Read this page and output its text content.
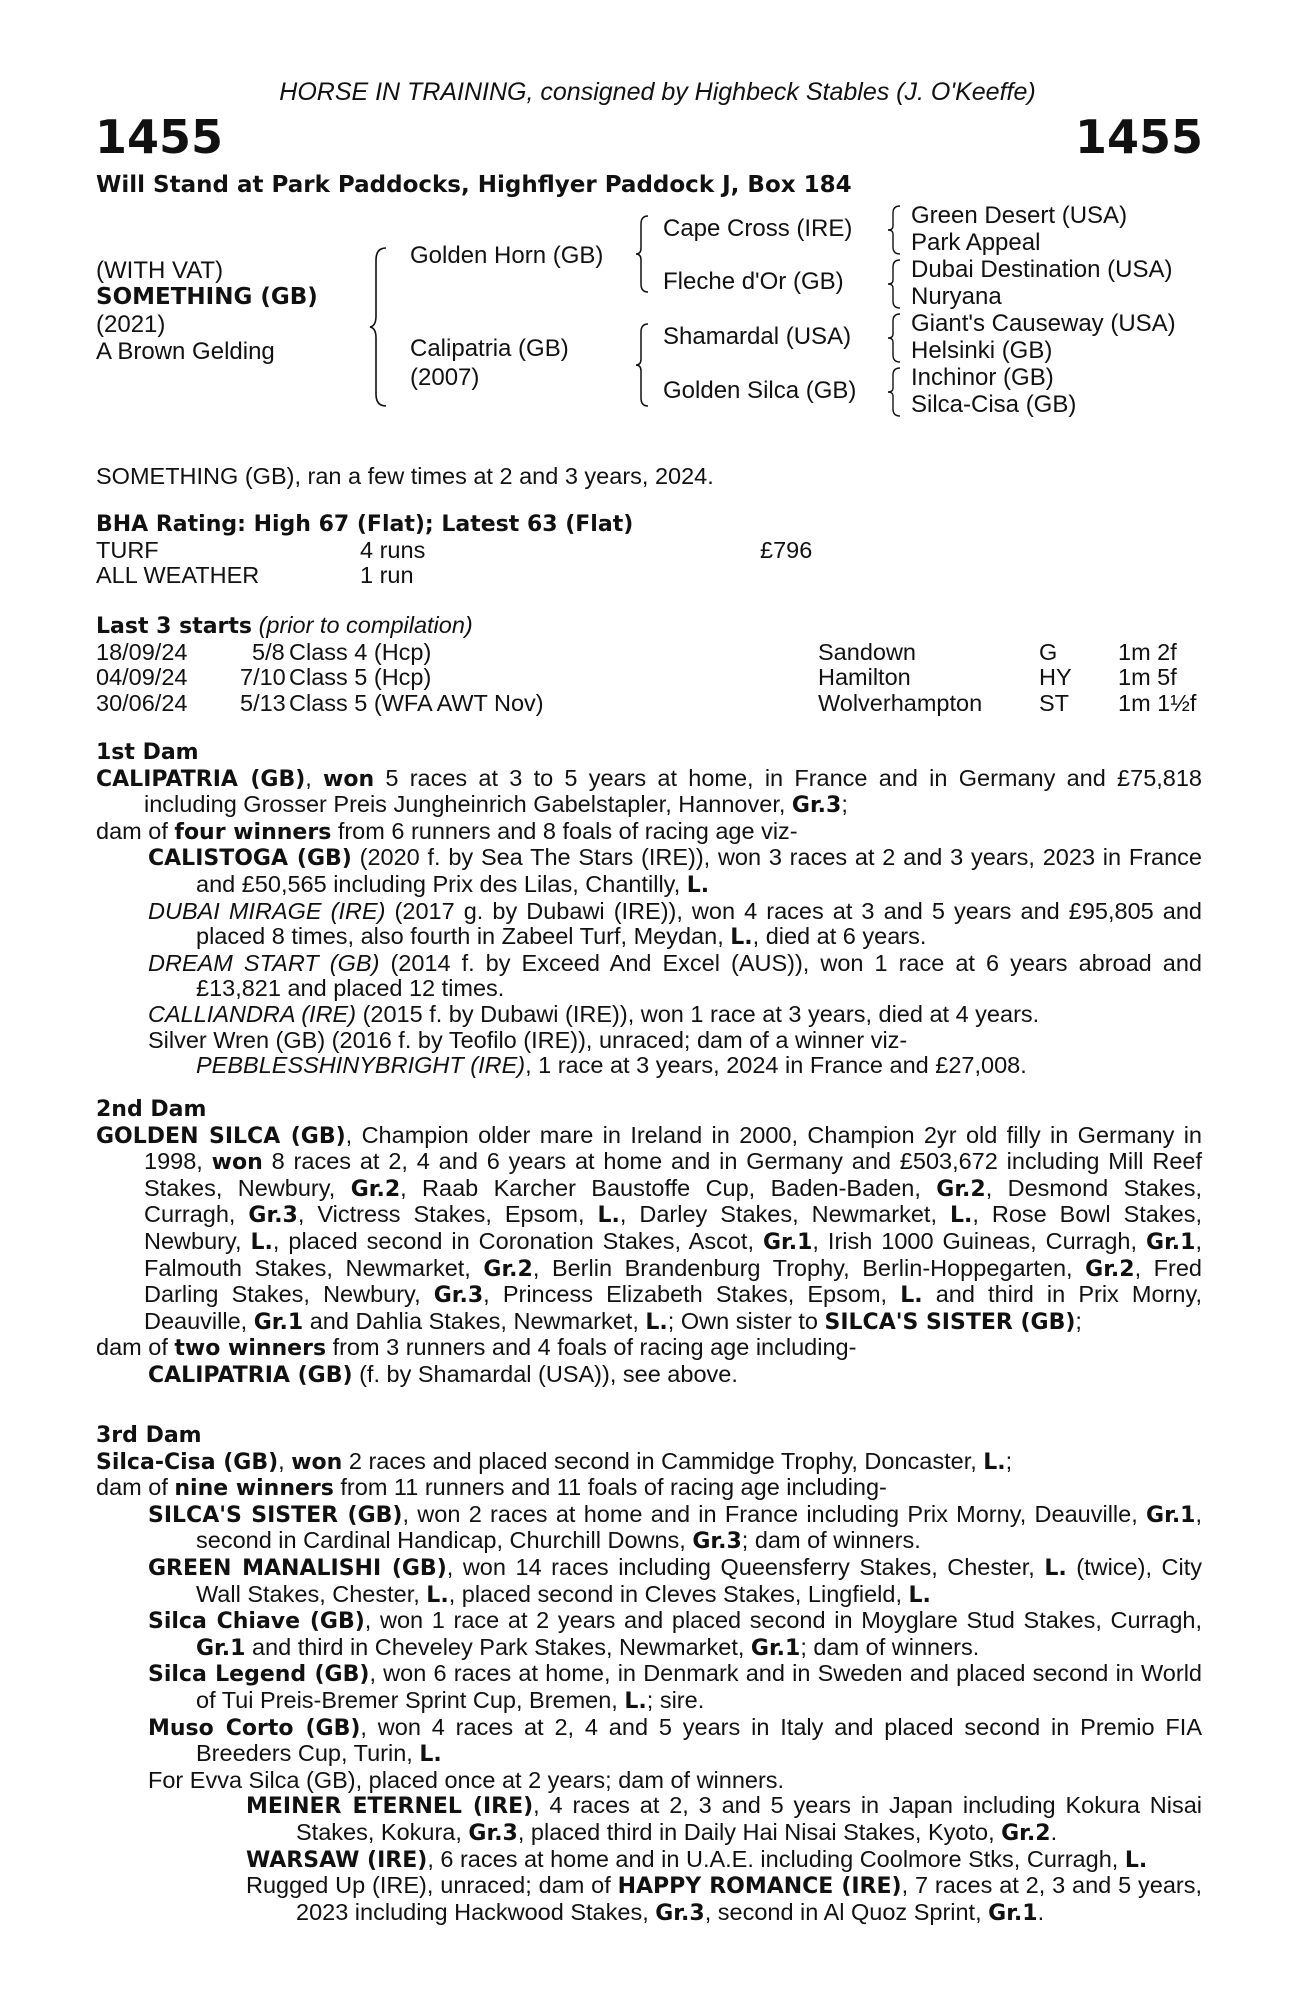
HORSE IN TRAINING, consigned by Highbeck Stables (J. O'Keeffe)
1455	1455
Will Stand at Park Paddocks, Highflyer Paddock J, Box 184
(WITH VAT)
SOMETHING (GB)
(2021)
A Brown Gelding
Golden Horn (GB)
Calipatria (GB)
(2007)
Cape Cross (IRE)
Fleche d'Or (GB)
Shamardal (USA)
Golden Silca (GB)
Green Desert (USA)
Park Appeal
Dubai Destination (USA)
Nuryana
Giant's Causeway (USA)
Helsinki (GB)
Inchinor (GB)
Silca-Cisa (GB)
SOMETHING (GB), ran a few times at 2 and 3 years, 2024.
BHA Rating: High 67 (Flat); Latest 63 (Flat)
TURF	4 runs	£796
ALL WEATHER	1 run
Last 3 starts (prior to compilation)
18/09/24	5/8 Class 4 (Hcp)	Sandown	G	1m 2f
04/09/24 7/10 Class 5 (Hcp)	Hamilton	HY 1m 5f
30/06/24 5/13 Class 5 (WFA AWT Nov)	Wolverhampton ST 1m 1½f
1st Dam

CALIPATRIA (GB), won 5 races at 3 to 5 years at home, in France and in Germany and £75,818 including Grosser Preis Jungheinrich Gabelstapler, Hannover, Gr.3;

dam of four winners from 6 runners and 8 foals of racing age viz-

CALISTOGA (GB) (2020 f. by Sea The Stars (IRE)), won 3 races at 2 and 3 years, 2023 in France and £50,565 including Prix des Lilas, Chantilly, L.

DUBAI MIRAGE (IRE) (2017 g. by Dubawi (IRE)), won 4 races at 3 and 5 years and £95,805 and placed 8 times, also fourth in Zabeel Turf, Meydan, L., died at 6 years.

DREAM START (GB) (2014 f. by Exceed And Excel (AUS)), won 1 race at 6 years abroad and £13,821 and placed 12 times.

CALLIANDRA (IRE) (2015 f. by Dubawi (IRE)), won 1 race at 3 years, died at 4 years.

Silver Wren (GB) (2016 f. by Teofilo (IRE)), unraced; dam of a winner viz-

PEBBLESSHINYBRIGHT (IRE), 1 race at 3 years, 2024 in France and £27,008.

2nd Dam

GOLDEN SILCA (GB), Champion older mare in Ireland in 2000, Champion 2yr old filly in Germany in 1998, won 8 races at 2, 4 and 6 years at home and in Germany and £503,672 including Mill Reef Stakes, Newbury, Gr.2, Raab Karcher Baustoffe Cup, Baden-Baden, Gr.2, Desmond Stakes, Curragh, Gr.3, Victress Stakes, Epsom, L., Darley Stakes, Newmarket, L., Rose Bowl Stakes, Newbury, L., placed second in Coronation Stakes, Ascot, Gr.1, Irish 1000 Guineas, Curragh, Gr.1, Falmouth Stakes, Newmarket, Gr.2, Berlin Brandenburg Trophy, Berlin-Hoppegarten, Gr.2, Fred Darling Stakes, Newbury, Gr.3, Princess Elizabeth Stakes, Epsom, L. and third in Prix Morny, Deauville, Gr.1 and Dahlia Stakes, Newmarket, L.; Own sister to SILCA'S SISTER (GB);

dam of two winners from 3 runners and 4 foals of racing age including-

CALIPATRIA (GB) (f. by Shamardal (USA)), see above.

3rd Dam

Silca-Cisa (GB), won 2 races and placed second in Cammidge Trophy, Doncaster, L.;

dam of nine winners from 11 runners and 11 foals of racing age including-

SILCA'S SISTER (GB), won 2 races at home and in France including Prix Morny, Deauville, Gr.1, second in Cardinal Handicap, Churchill Downs, Gr.3; dam of winners.

GREEN MANALISHI (GB), won 14 races including Queensferry Stakes, Chester, L. (twice), City Wall Stakes, Chester, L., placed second in Cleves Stakes, Lingfield, L.

Silca Chiave (GB), won 1 race at 2 years and placed second in Moyglare Stud Stakes, Curragh, Gr.1 and third in Cheveley Park Stakes, Newmarket, Gr.1; dam of winners.

Silca Legend (GB), won 6 races at home, in Denmark and in Sweden and placed second in World of Tui Preis-Bremer Sprint Cup, Bremen, L.; sire.

Muso Corto (GB), won 4 races at 2, 4 and 5 years in Italy and placed second in Premio FIA Breeders Cup, Turin, L.

For Evva Silca (GB), placed once at 2 years; dam of winners.

MEINER ETERNEL (IRE), 4 races at 2, 3 and 5 years in Japan including Kokura Nisai Stakes, Kokura, Gr.3, placed third in Daily Hai Nisai Stakes, Kyoto, Gr.2.

WARSAW (IRE), 6 races at home and in U.A.E. including Coolmore Stks, Curragh, L.

Rugged Up (IRE), unraced; dam of HAPPY ROMANCE (IRE), 7 races at 2, 3 and 5 years, 2023 including Hackwood Stakes, Gr.3, second in Al Quoz Sprint, Gr.1.
